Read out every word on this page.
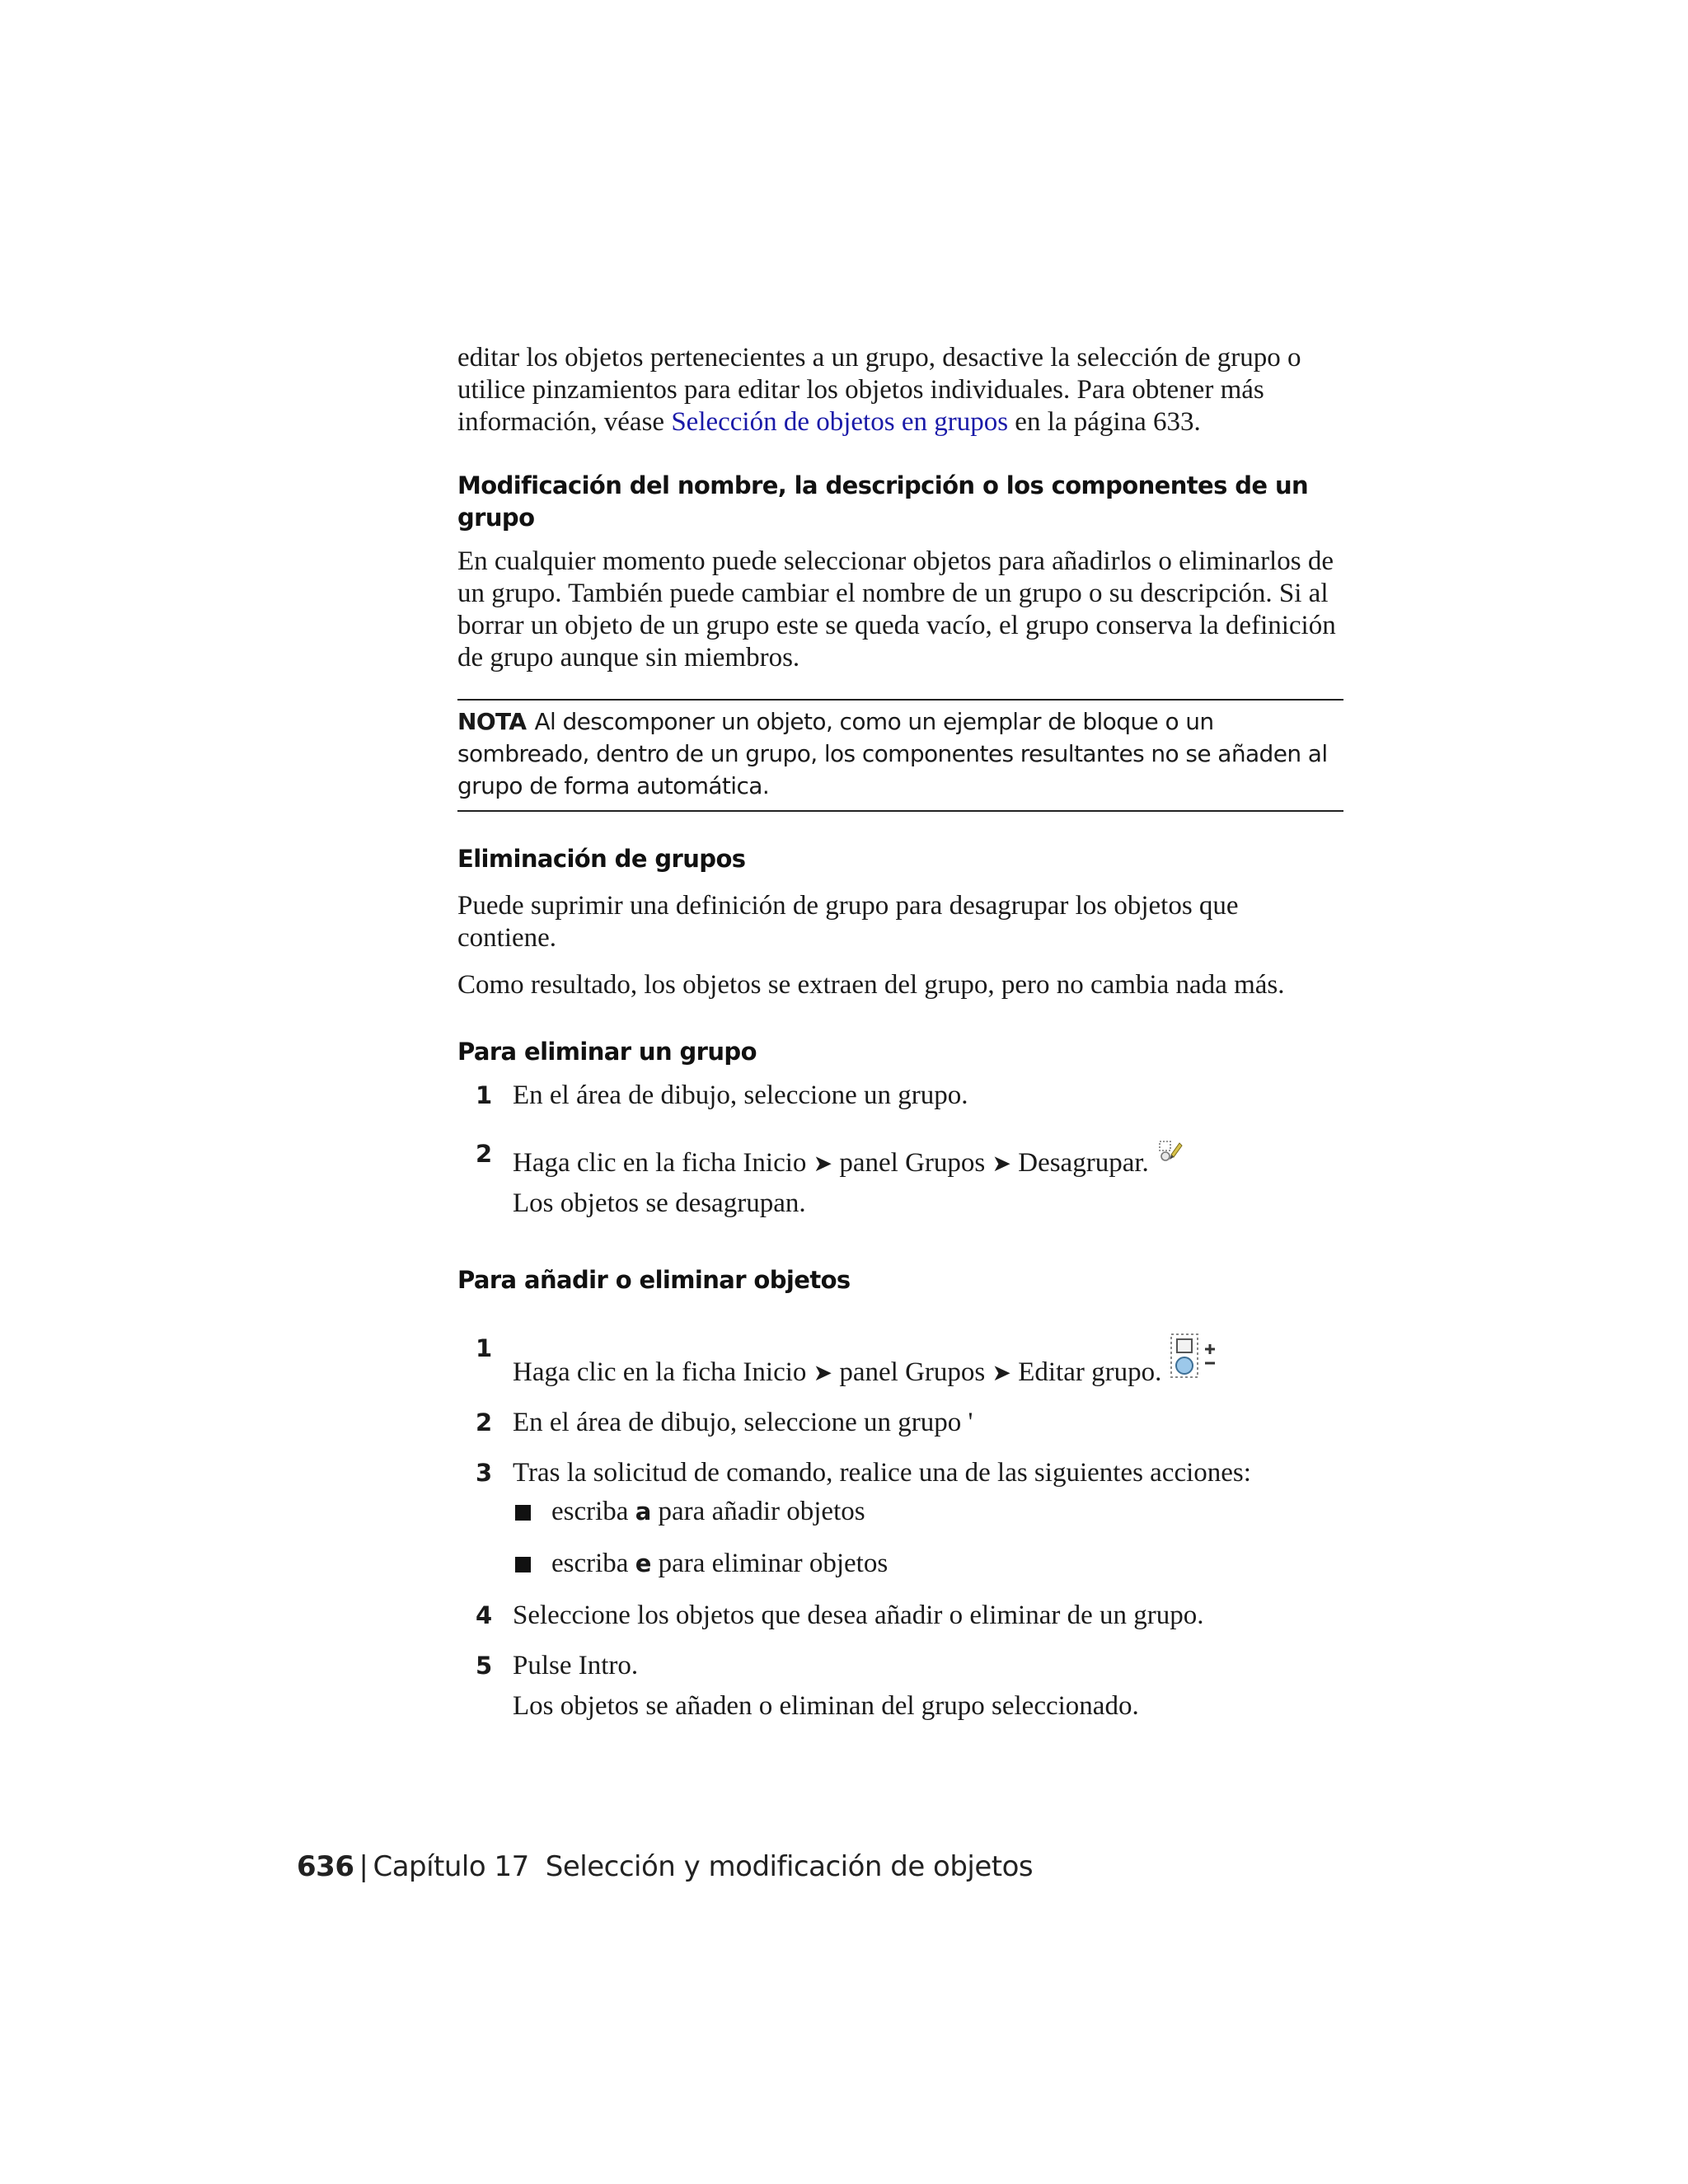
editar los objetos pertenecientes a un grupo, desactive la selección de grupo o utilice pinzamientos para editar los objetos individuales. Para obtener más información, véase Selección de objetos en grupos en la página 633.

Modificación del nombre, la descripción o los componentes de un grupo

En cualquier momento puede seleccionar objetos para añadirlos o eliminarlos de un grupo. También puede cambiar el nombre de un grupo o su descripción. Si al borrar un objeto de un grupo este se queda vacío, el grupo conserva la definición de grupo aunque sin miembros.

NOTA Al descomponer un objeto, como un ejemplar de bloque o un sombreado, dentro de un grupo, los componentes resultantes no se añaden al grupo de forma automática.
Eliminación de grupos

Puede suprimir una definición de grupo para desagrupar los objetos que contiene.

Como resultado, los objetos se extraen del grupo, pero no cambia nada más.

Para eliminar un grupo
1 En el área de dibujo, seleccione un grupo.
2 Haga clic en la ficha Inicio ➤ panel Grupos ➤ Desagrupar.
Los objetos se desagrupan.
Para añadir o eliminar objetos
1
Haga clic en la ficha Inicio ➤ panel Grupos ➤ Editar grupo.
2 En el área de dibujo, seleccione un grupo '
3 Tras la solicitud de comando, realice una de las siguientes acciones:
escriba a para añadir objetos
escriba e para eliminar objetos
4 Seleccione los objetos que desea añadir o eliminar de un grupo.
5 Pulse Intro.
Los objetos se añaden o eliminan del grupo seleccionado.
636 | Capítulo 17 Selección y modificación de objetos
